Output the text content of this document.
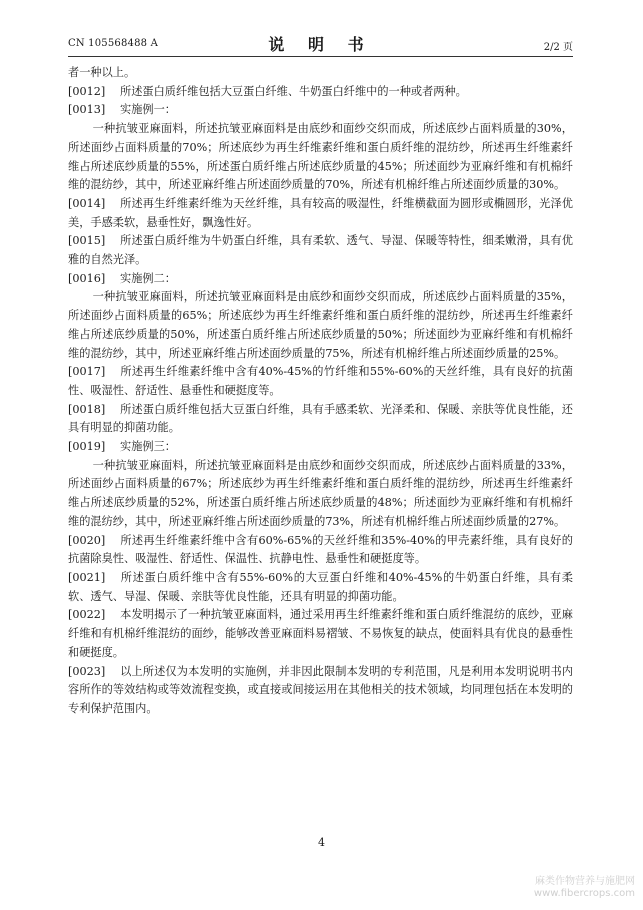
CN 105568488 A	说 明 书	2/2 页

者一种以上。

[0012] 所述蛋白质纤维包括大豆蛋白纤维、牛奶蛋白纤维中的一种或者两种。

[0013] 实施例一：

一种抗皱亚麻面料，所述抗皱亚麻面料是由底纱和面纱交织而成，所述底纱占面料质量的30%，所述面纱占面料质量的70%；所述底纱为再生纤维素纤维和蛋白质纤维的混纺纱，所述再生纤维素纤维占所述底纱质量的55%，所述蛋白质纤维占所述底纱质量的45%；所述面纱为亚麻纤维和有机棉纤维的混纺纱，其中，所述亚麻纤维占所述面纱质量的70%，所述有机棉纤维占所述面纱质量的30%。

[0014] 所述再生纤维素纤维为天丝纤维，具有较高的吸湿性，纤维横截面为圆形或椭圆形，光泽优美，手感柔软，悬垂性好，飘逸性好。

[0015] 所述蛋白质纤维为牛奶蛋白纤维，具有柔软、透气、导湿、保暖等特性，细柔嫩滑，具有优雅的自然光泽。

[0016] 实施例二：

一种抗皱亚麻面料，所述抗皱亚麻面料是由底纱和面纱交织而成，所述底纱占面料质量的35%，所述面纱占面料质量的65%；所述底纱为再生纤维素纤维和蛋白质纤维的混纺纱，所述再生纤维素纤维占所述底纱质量的50%，所述蛋白质纤维占所述底纱质量的50%；所述面纱为亚麻纤维和有机棉纤维的混纺纱，其中，所述亚麻纤维占所述面纱质量的75%，所述有机棉纤维占所述面纱质量的25%。

[0017] 所述再生纤维素纤维中含有40%-45%的竹纤维和55%-60%的天丝纤维，具有良好的抗菌性、吸湿性、舒适性、悬垂性和硬挺度等。

[0018] 所述蛋白质纤维包括大豆蛋白纤维，具有手感柔软、光泽柔和、保暖、亲肤等优良性能，还具有明显的抑菌功能。

[0019] 实施例三：

一种抗皱亚麻面料，所述抗皱亚麻面料是由底纱和面纱交织而成，所述底纱占面料质量的33%，所述面纱占面料质量的67%；所述底纱为再生纤维素纤维和蛋白质纤维的混纺纱，所述再生纤维素纤维占所述底纱质量的52%，所述蛋白质纤维占所述底纱质量的48%；所述面纱为亚麻纤维和有机棉纤维的混纺纱，其中，所述亚麻纤维占所述面纱质量的73%，所述有机棉纤维占所述面纱质量的27%。

[0020] 所述再生纤维素纤维中含有60%-65%的天丝纤维和35%-40%的甲壳素纤维，具有良好的抗菌除臭性、吸湿性、舒适性、保温性、抗静电性、悬垂性和硬挺度等。

[0021] 所述蛋白质纤维中含有55%-60%的大豆蛋白纤维和40%-45%的牛奶蛋白纤维，具有柔软、透气、导湿、保暖、亲肤等优良性能，还具有明显的抑菌功能。

[0022] 本发明揭示了一种抗皱亚麻面料，通过采用再生纤维素纤维和蛋白质纤维混纺的底纱，亚麻纤维和有机棉纤维混纺的面纱，能够改善亚麻面料易褶皱、不易恢复的缺点，使面料具有优良的悬垂性和硬挺度。

[0023] 以上所述仅为本发明的实施例，并非因此限制本发明的专利范围，凡是利用本发明说明书内容所作的等效结构或等效流程变换，或直接或间接运用在其他相关的技术领域，均同理包括在本发明的专利保护范围内。

4
麻类作物营养与施肥网
www.fibercrops.com
